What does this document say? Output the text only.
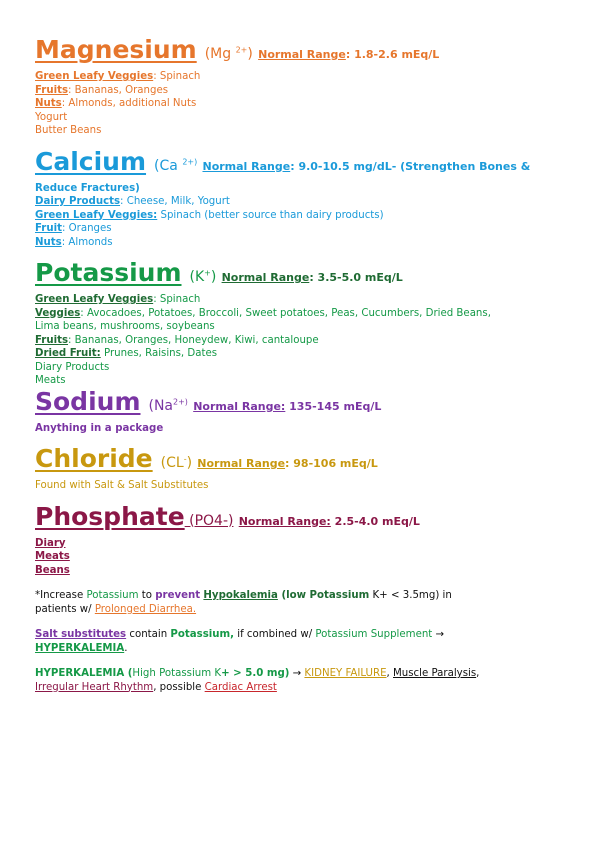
Magnesium (Mg $^{2+}$) Normal Range: 1.8-2.6 mEq/L

Green Leafy Veggies: Spinach

Fruits: Bananas, Oranges

Nuts: Almonds, additional Nuts

Yogurt

Butter Beans

Calcium (Ca $^{2+)}$ Normal Range: 9.0-10.5 mg/dL- (Strengthen Bones &

Reduce Fractures)

Dairy Products: Cheese, Milk, Yogurt

Green Leafy Veggies: Spinach (better source than dairy products)

Fruit: Oranges

Nuts: Almonds

Potassium (K+) Normal Range: 3.5-5.0 mEq/L

Green Leafy Veggies: Spinach

Veggies: Avocadoes, Potatoes, Broccoli, Sweet potatoes, Peas, Cucumbers, Dried Beans,

Lima beans, mushrooms, soybeans

Fruits: Bananas, Oranges, Honeydew, Kiwi, cantaloupe

Dried Fruit: Prunes, Raisins, Dates

Diary Products

Meats

Sodium ($Na^{2+)}$ Normal Range: 135-145 mEq/L

Anything in a package

Chloride (CL-) Normal Range: 98-106 mEq/L

Found with Salt & Salt Substitutes

Phosphate (PO4-) Normal Range: 2.5-4.0 mEq/L

Diary

Meats

Beans

*Increase Potassium to prevent Hypokalemia (low Potassium K+ < 3.5mg) in
patients w/ Prolonged Diarrhea.

Salt substitutes contain Potassium, if combined w/ Potassium Supplement →
HYPERKALEMIA.

HYPERKALEMIA (High Potassium K+ > 5.0 mg) → KIDNEY FAILURE, Muscle Paralysis,
Irregular Heart Rhythm, possible Cardiac Arrest
